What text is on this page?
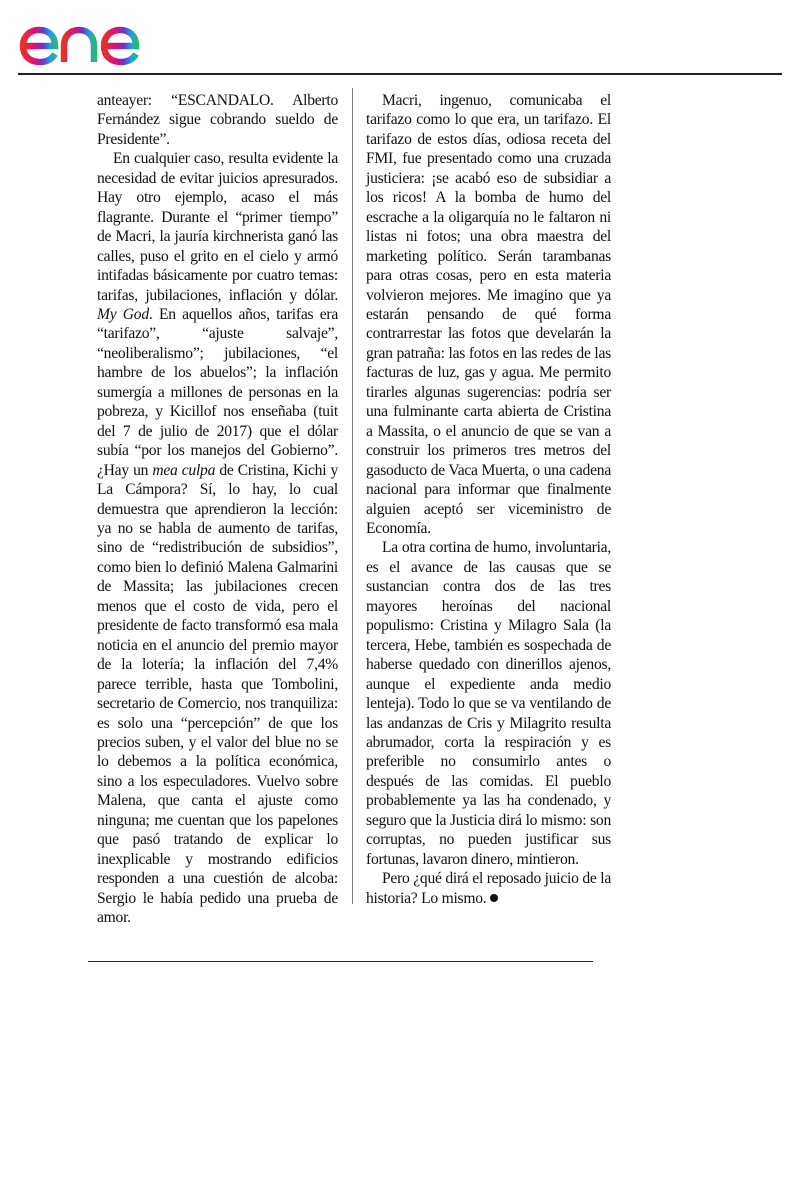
anteayer: “ESCANDALO. Alberto Fernández sigue cobrando sueldo de Presidente”.

En cualquier caso, resulta evidente la necesidad de evitar juicios apresurados. Hay otro ejemplo, acaso el más flagrante. Durante el “primer tiempo” de Macri, la jauría kirchnerista ganó las calles, puso el grito en el cielo y armó intifadas básicamente por cuatro temas: tarifas, jubilaciones, inflación y dólar. My God. En aquellos años, tarifas era “tarifazo”, “ajuste salvaje”, “neoliberalismo”; jubilaciones, “el hambre de los abuelos”; la inflación sumergía a millones de personas en la pobreza, y Kicillof nos enseñaba (tuit del 7 de julio de 2017) que el dólar subía “por los manejos del Gobierno”. ¿Hay un mea culpa de Cristina, Kichi y La Cámpora? Sí, lo hay, lo cual demuestra que aprendieron la lección: ya no se habla de aumento de tarifas, sino de “redistribución de subsidios”, como bien lo definió Malena Galmarini de Massita; las jubilaciones crecen menos que el costo de vida, pero el presidente de facto transformó esa mala noticia en el anuncio del premio mayor de la lotería; la inflación del 7,4% parece terrible, hasta que Tombolini, secretario de Comercio, nos tranquiliza: es solo una “percepción” de que los precios suben, y el valor del blue no se lo debemos a la política económica, sino a los especuladores. Vuelvo sobre Malena, que canta el ajuste como ninguna; me cuentan que los papelones que pasó tratando de explicar lo inexplicable y mostrando edificios responden a una cuestión de alcoba: Sergio le había pedido una prueba de amor.

Macri, ingenuo, comunicaba el tarifazo como lo que era, un tarifazo. El tarifazo de estos días, odiosa receta del FMI, fue presentado como una cruzada justiciera: ¡se acabó eso de subsidiar a los ricos! A la bomba de humo del escrache a la oligarquía no le faltaron ni listas ni fotos; una obra maestra del marketing político. Serán tarambanas para otras cosas, pero en esta materia volvieron mejores. Me imagino que ya estarán pensando de qué forma contrarrestar las fotos que develarán la gran patraña: las fotos en las redes de las facturas de luz, gas y agua. Me permito tirarles algunas sugerencias: podría ser una fulminante carta abierta de Cristina a Massita, o el anuncio de que se van a construir los primeros tres metros del gasoducto de Vaca Muerta, o una cadena nacional para informar que finalmente alguien aceptó ser viceministro de Economía.

La otra cortina de humo, involuntaria, es el avance de las causas que se sustancian contra dos de las tres mayores heroínas del nacional populismo: Cristina y Milagro Sala (la tercera, Hebe, también es sospechada de haberse quedado con dinerillos ajenos, aunque el expediente anda medio lenteja). Todo lo que se va ventilando de las andanzas de Cris y Milagrito resulta abrumador, corta la respiración y es preferible no consumirlo antes o después de las comidas. El pueblo probablemente ya las ha condenado, y seguro que la Justicia dirá lo mismo: son corruptas, no pueden justificar sus fortunas, lavaron dinero, mintieron.

Pero ¿qué dirá el reposado juicio de la historia? Lo mismo.
